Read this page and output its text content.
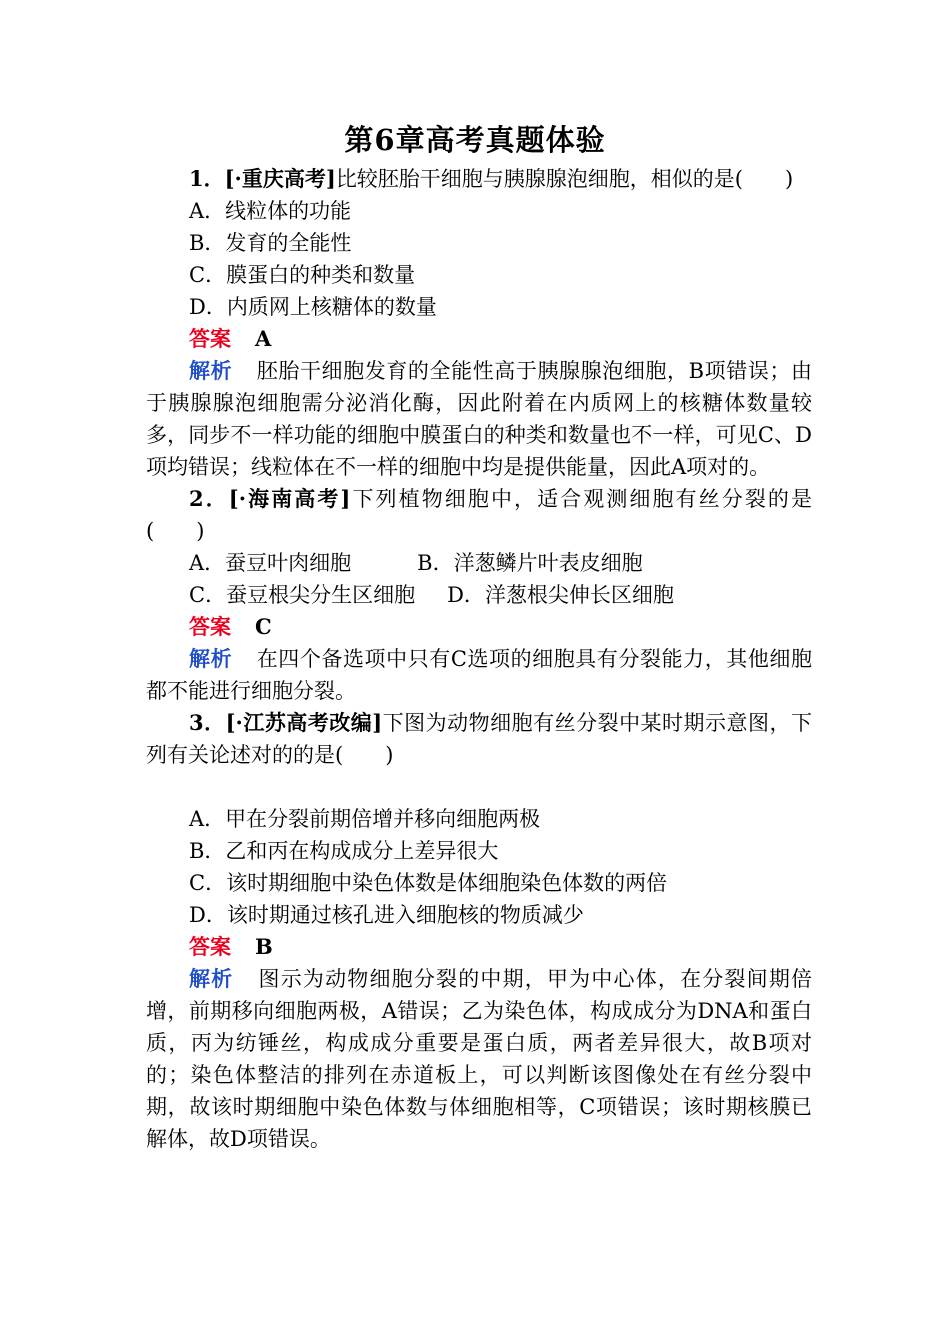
第6章高考真题体验

1．[·重庆高考]比较胚胎干细胞与胰腺腺泡细胞，相似的是(　　)

A．线粒体的功能

B．发育的全能性

C．膜蛋白的种类和数量

D．内质网上核糖体的数量

答案 A

解析 胚胎干细胞发育的全能性高于胰腺腺泡细胞，B项错误；由于胰腺腺泡细胞需分泌消化酶，因此附着在内质网上的核糖体数量较多，同步不一样功能的细胞中膜蛋白的种类和数量也不一样，可见C、D项均错误；线粒体在不一样的细胞中均是提供能量，因此A项对的。

2．[·海南高考]下列植物细胞中，适合观测细胞有丝分裂的是(　　)

A．蚕豆叶肉细胞	B．洋葱鳞片叶表皮细胞

C．蚕豆根尖分生区细胞 D．洋葱根尖伸长区细胞

答案 C

解析 在四个备选项中只有C选项的细胞具有分裂能力，其他细胞都不能进行细胞分裂。

3．[·江苏高考改编]下图为动物细胞有丝分裂中某时期示意图，下列有关论述对的的是(　　)

A．甲在分裂前期倍增并移向细胞两极

B．乙和丙在构成成分上差异很大

C．该时期细胞中染色体数是体细胞染色体数的两倍

D．该时期通过核孔进入细胞核的物质减少

答案 B

解析 图示为动物细胞分裂的中期，甲为中心体，在分裂间期倍增，前期移向细胞两极，A错误；乙为染色体，构成成分为DNA和蛋白质，丙为纺锤丝，构成成分重要是蛋白质，两者差异很大，故B项对的；染色体整洁的排列在赤道板上，可以判断该图像处在有丝分裂中期，故该时期细胞中染色体数与体细胞相等，C项错误；该时期核膜已解体，故D项错误。
